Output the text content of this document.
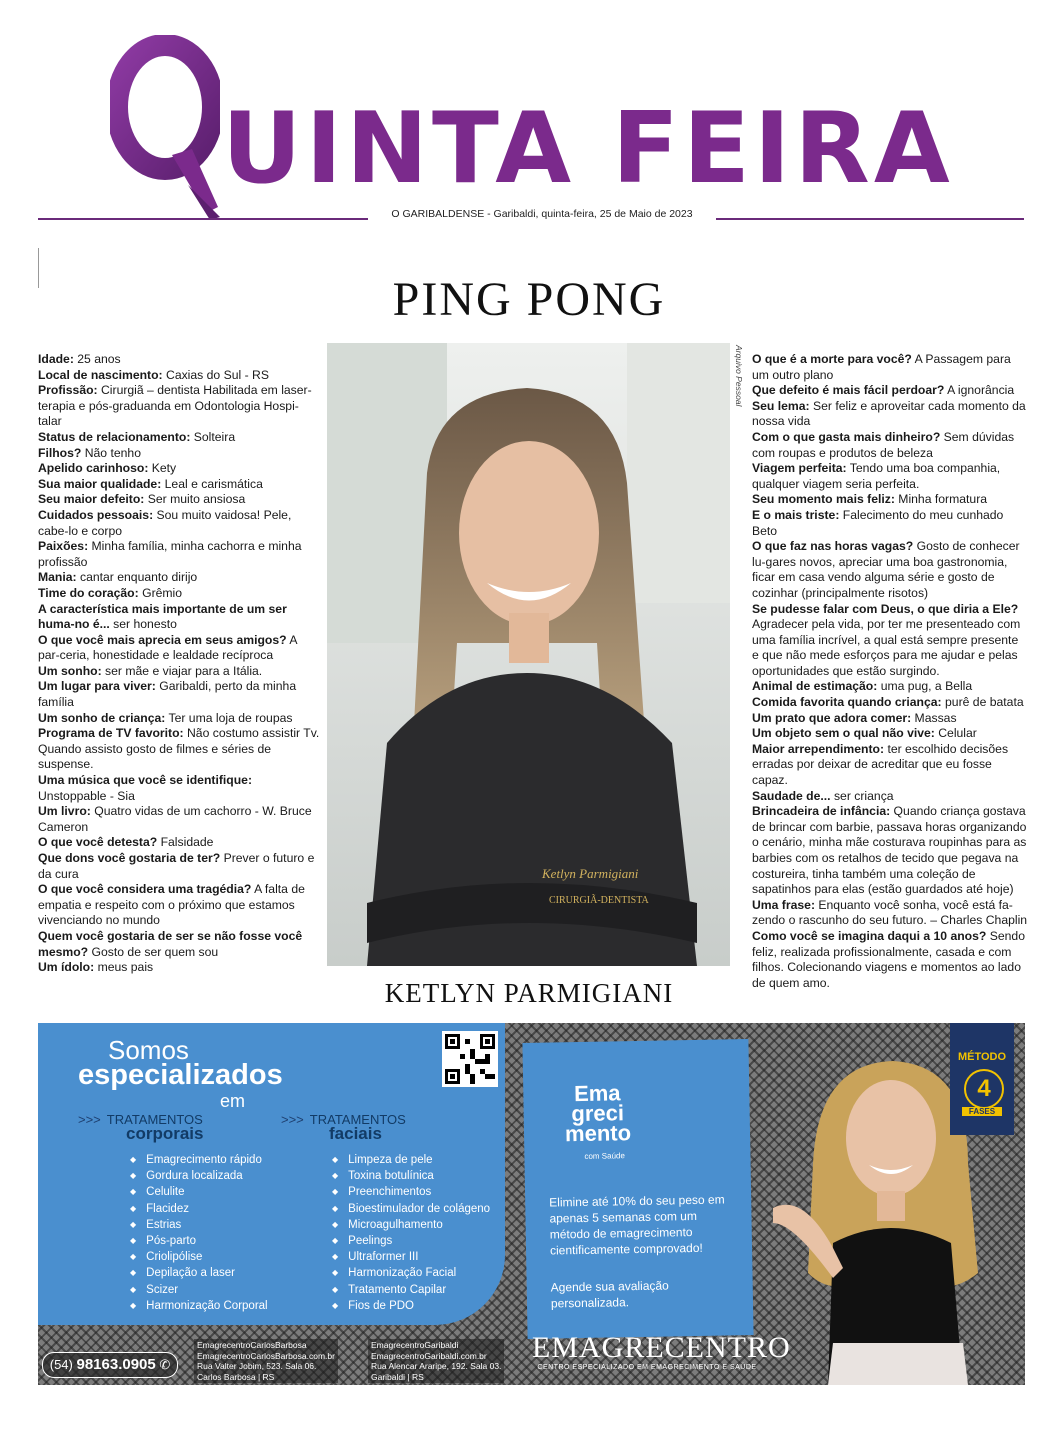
UINTA FEIRA
O GARIBALDENSE - Garibaldi, quinta-feira, 25 de Maio de 2023
PING PONG

Idade: 25 anos

Local de nascimento: Caxias do Sul - RS

Profissão: Cirurgiã – dentista Habilitada em laser-terapia e pós-graduanda em Odontologia Hospi-talar

Status de relacionamento: Solteira

Filhos? Não tenho

Apelido carinhoso: Kety

Sua maior qualidade: Leal e carismática

Seu maior defeito: Ser muito ansiosa

Cuidados pessoais: Sou muito vaidosa! Pele, cabe-lo e corpo

Paixões: Minha família, minha cachorra e minha profissão

Mania: cantar enquanto dirijo

Time do coração: Grêmio

A característica mais importante de um ser huma-no é... ser honesto

O que você mais aprecia em seus amigos? A par-ceria, honestidade e lealdade recíproca

Um sonho: ser mãe e viajar para a Itália.

Um lugar para viver: Garibaldi, perto da minha família

Um sonho de criança: Ter uma loja de roupas

Programa de TV favorito: Não costumo assistir Tv. Quando assisto gosto de filmes e séries de suspense.

Uma música que você se identifique: Unstoppable - Sia

Um livro: Quatro vidas de um cachorro - W. Bruce Cameron

O que você detesta? Falsidade

Que dons você gostaria de ter? Prever o futuro e da cura

O que você considera uma tragédia? A falta de empatia e respeito com o próximo que estamos vivenciando no mundo

Quem você gostaria de ser se não fosse você mesmo? Gosto de ser quem sou

Um ídolo: meus pais

Ketlyn Parmigiani
CIRURGIÃ-DENTISTA
Arquivo Pessoal O que é a morte para você? A Passagem para um outro plano

Que defeito é mais fácil perdoar? A ignorância

Seu lema: Ser feliz e aproveitar cada momento da nossa vida

Com o que gasta mais dinheiro? Sem dúvidas com roupas e produtos de beleza

Viagem perfeita: Tendo uma boa companhia, qualquer viagem seria perfeita.

Seu momento mais feliz: Minha formatura

E o mais triste: Falecimento do meu cunhado Beto

O que faz nas horas vagas? Gosto de conhecer lu-gares novos, apreciar uma boa gastronomia, ficar em casa vendo alguma série e gosto de cozinhar (principalmente risotos)

Se pudesse falar com Deus, o que diria a Ele? Agradecer pela vida, por ter me presenteado com uma família incrível, a qual está sempre presente e que não mede esforços para me ajudar e pelas oportunidades que estão surgindo.

Animal de estimação: uma pug, a Bella

Comida favorita quando criança: purê de batata

Um prato que adora comer: Massas

Um objeto sem o qual não vive: Celular

Maior arrependimento: ter escolhido decisões erradas por deixar de acreditar que eu fosse capaz.

Saudade de... ser criança

Brincadeira de infância: Quando criança gostava de brincar com barbie, passava horas organizando o cenário, minha mãe costurava roupinhas para as barbies com os retalhos de tecido que pegava na costureira, tinha também uma coleção de sapatinhos para elas (estão guardados até hoje)

Uma frase: Enquanto você sonha, você está fa-zendo o rascunho do seu futuro. – Charles Chaplin

Como você se imagina daqui a 10 anos? Sendo feliz, realizada profissionalmente, casada e com filhos. Colecionando viagens e momentos ao lado de quem amo.

KETLYN PARMIGIANI
Somos
especializados
em
>>> TRATAMENTOS
corporais
>>> TRATAMENTOS
faciais
◆ Emagrecimento rápido
◆ Gordura localizada
◆ Celulite
◆ Flacidez
◆ Estrias
◆ Pós-parto
◆ Criolipólise
◆ Depilação a laser
◆ Scizer
◆ Harmonização Corporal
◆ Limpeza de pele
◆ Toxina botulínica
◆ Preenchimentos
◆ Bioestimulador de colágeno
◆ Microagulhamento
◆ Peelings
◆ Ultraformer III
◆ Harmonização Facial
◆ Tratamento Capilar
◆ Fios de PDO
(54) 98163.0905 ✆
EmagrecentroCarlosBarbosa
EmagrecentroCarlosBarbosa.com.br
Rua Valter Jobim, 523. Sala 06.
Carlos Barbosa | RS
EmagrecentroGaribaldi
EmagrecentroGaribaldi.com.br
Rua Alencar Araripe, 192. Sala 03.
Garibaldi | RS
Ema greci mento
com Saúde
Elimine até 10% do seu peso em apenas 5 semanas com um método de emagrecimento cientificamente comprovado!
Agende sua avaliação personalizada.
EMAGRECENTRO
CENTRO ESPECIALIZADO EM EMAGRECIMENTO E SAÚDE
MÉTODO
4
FASES
